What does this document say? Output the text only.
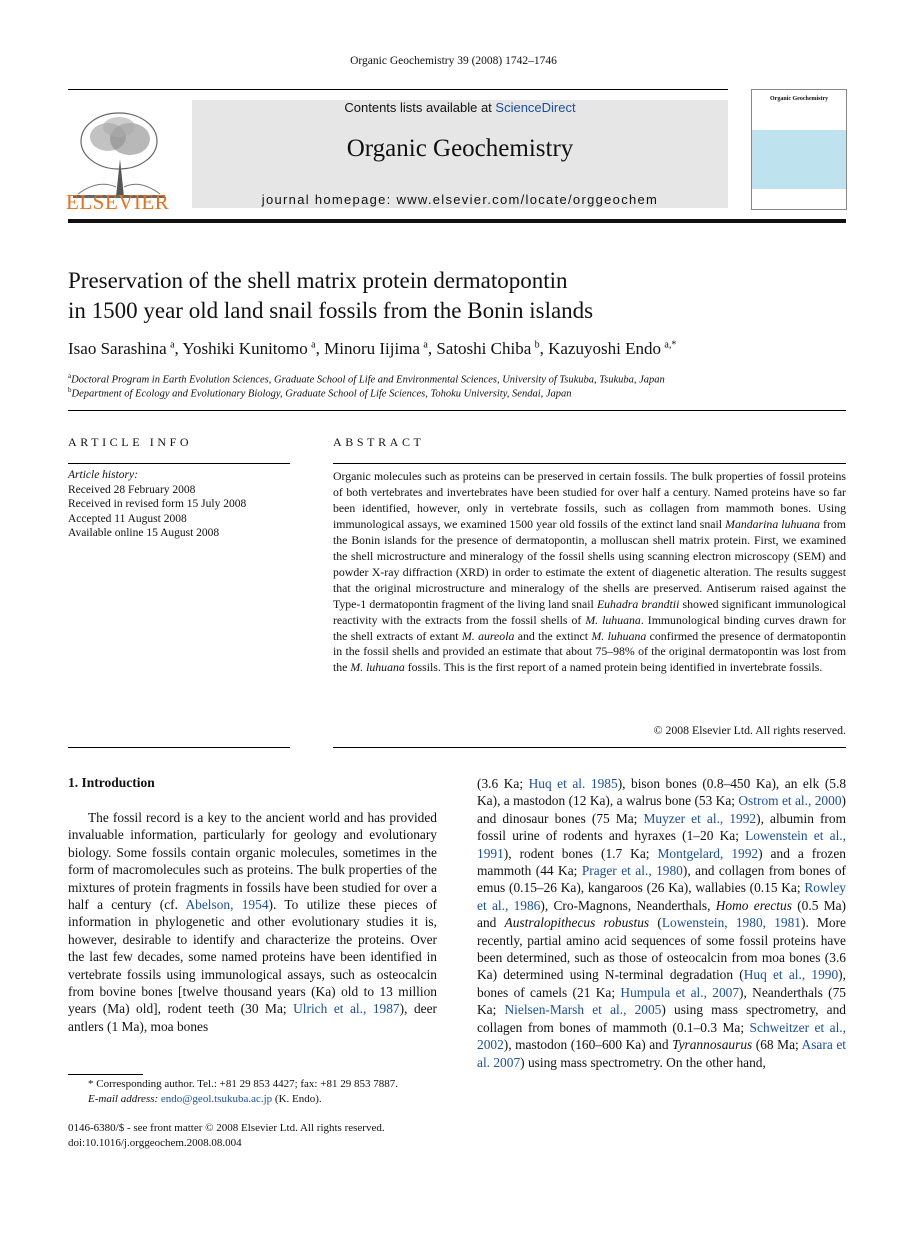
Organic Geochemistry 39 (2008) 1742–1746
ELSEVIER
Contents lists available at ScienceDirect
Organic Geochemistry
journal homepage: www.elsevier.com/locate/orggeochem
Organic Geochemistry
Preservation of the shell matrix protein dermatopontin
in 1500 year old land snail fossils from the Bonin islands
Isao Sarashina  $^a$, Yoshiki Kunitomo  $^a$, Minoru Iijima  $^a$, Satoshi Chiba  $^b$, Kazuyoshi Endo  $^{a,*}$
$^a$Doctoral Program in Earth Evolution Sciences, Graduate School of Life and Environmental Sciences, University of Tsukuba, Tsukuba, Japan
$^b$Department of Ecology and Evolutionary Biology, Graduate School of Life Sciences, Tohoku University, Sendai, Japan
ARTICLE INFO	ABSTRACT
Article history:
Received 28 February 2008
Received in revised form 15 July 2008
Accepted 11 August 2008
Available online 15 August 2008
Organic molecules such as proteins can be preserved in certain fossils. The bulk properties of fossil proteins of both vertebrates and invertebrates have been studied for over half a century. Named proteins have so far been identified, however, only in vertebrate fossils, such as collagen from mammoth bones. Using immunological assays, we examined 1500 year old fossils of the extinct land snail Mandarina luhuana from the Bonin islands for the presence of dermatopontin, a molluscan shell matrix protein. First, we examined the shell microstructure and mineralogy of the fossil shells using scanning electron microscopy (SEM) and powder X-ray diffraction (XRD) in order to estimate the extent of diagenetic alteration. The results suggest that the original microstructure and mineralogy of the shells are preserved. Antiserum raised against the Type-1 dermatopontin fragment of the living land snail Euhadra brandtii showed significant immunological reactivity with the extracts from the fossil shells of M. luhuana. Immunological binding curves drawn for the shell extracts of extant M. aureola and the extinct M. luhuana confirmed the presence of dermatopontin in the fossil shells and provided an estimate that about 75–98% of the original dermatopontin was lost from the M. luhuana fossils. This is the first report of a named protein being identified in invertebrate fossils.
© 2008 Elsevier Ltd. All rights reserved.
1. Introduction

The fossil record is a key to the ancient world and has provided invaluable information, particularly for geology and evolutionary biology. Some fossils contain organic molecules, sometimes in the form of macromolecules such as proteins. The bulk properties of the mixtures of protein fragments in fossils have been studied for over a half a century (cf. Abelson, 1954). To utilize these pieces of information in phylogenetic and other evolutionary studies it is, however, desirable to identify and characterize the proteins. Over the last few decades, some named proteins have been identified in vertebrate fossils using immunological assays, such as osteocalcin from bovine bones [twelve thousand years (Ka) old to 13 million years (Ma) old], rodent teeth (30 Ma; Ulrich et al., 1987), deer antlers (1 Ma), moa bones

(3.6 Ka; Huq et al. 1985), bison bones (0.8–450 Ka), an elk (5.8 Ka), a mastodon (12 Ka), a walrus bone (53 Ka; Ostrom et al., 2000) and dinosaur bones (75 Ma; Muyzer et al., 1992), albumin from fossil urine of rodents and hyraxes (1–20 Ka; Lowenstein et al., 1991), rodent bones (1.7 Ka; Montgelard, 1992) and a frozen mammoth (44 Ka; Prager et al., 1980), and collagen from bones of emus (0.15–26 Ka), kangaroos (26 Ka), wallabies (0.15 Ka; Rowley et al., 1986), Cro-Magnons, Neanderthals, Homo erectus (0.5 Ma) and Australopithecus robustus (Lowenstein, 1980, 1981). More recently, partial amino acid sequences of some fossil proteins have been determined, such as those of osteocalcin from moa bones (3.6 Ka) determined using N-terminal degradation (Huq et al., 1990), bones of camels (21 Ka; Humpula et al., 2007), Neanderthals (75 Ka; Nielsen-Marsh et al., 2005) using mass spectrometry, and collagen from bones of mammoth (0.1–0.3 Ma; Schweitzer et al., 2002), mastodon (160–600 Ka) and Tyrannosaurus (68 Ma; Asara et al. 2007) using mass spectrometry. On the other hand,

* Corresponding author. Tel.: +81 29 853 4427; fax: +81 29 853 7887.
E-mail address: endo@geol.tsukuba.ac.jp (K. Endo).
0146-6380/$ - see front matter © 2008 Elsevier Ltd. All rights reserved.
doi:10.1016/j.orggeochem.2008.08.004
